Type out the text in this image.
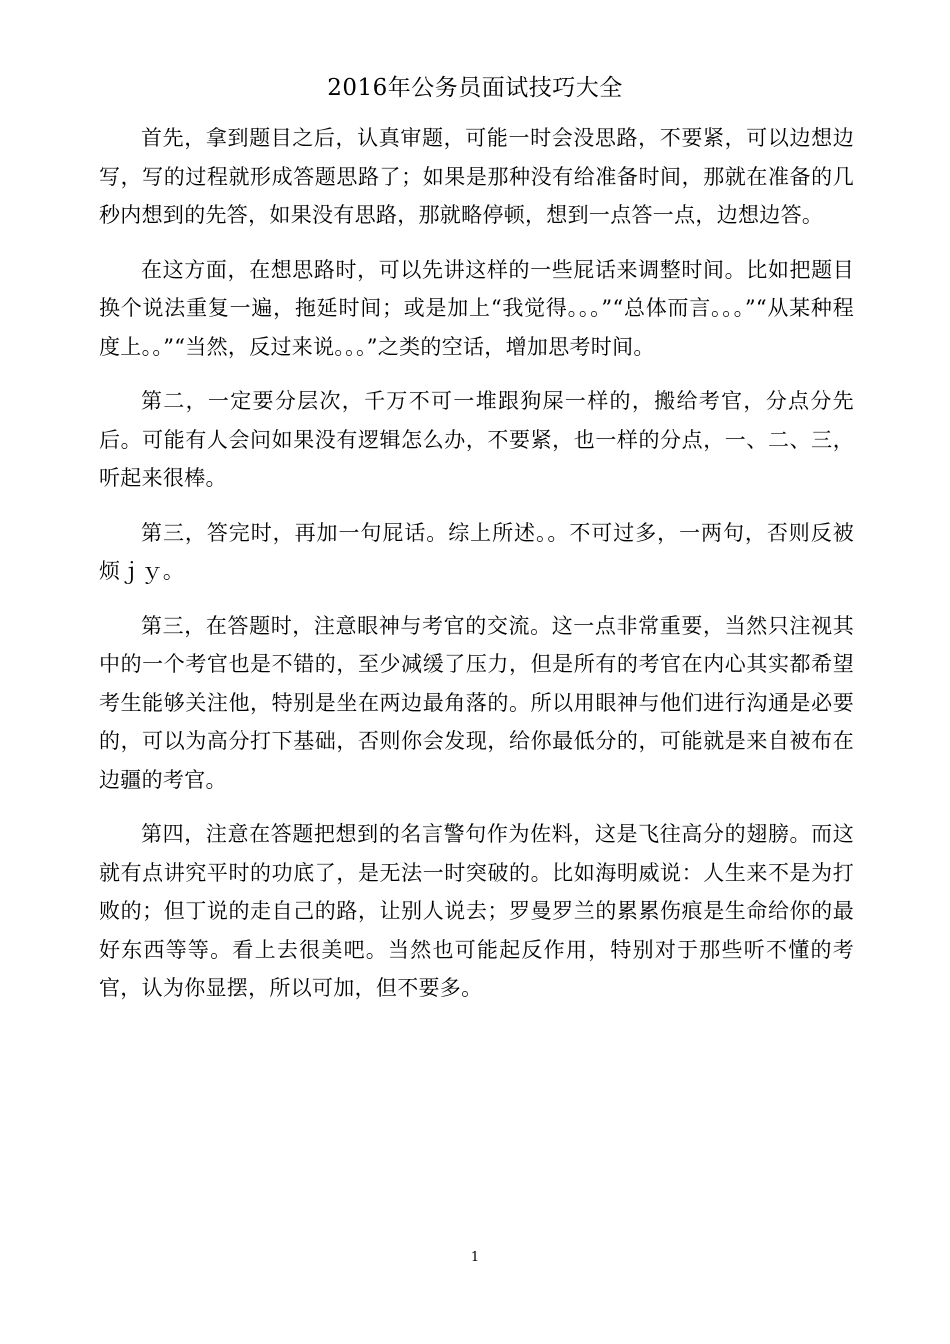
2016年公务员面试技巧大全

首先，拿到题目之后，认真审题，可能一时会没思路，不要紧，可以边想边写，写的过程就形成答题思路了；如果是那种没有给准备时间，那就在准备的几秒内想到的先答，如果没有思路，那就略停顿，想到一点答一点，边想边答。

在这方面，在想思路时，可以先讲这样的一些屁话来调整时间。比如把题目换个说法重复一遍，拖延时间；或是加上“我觉得。。。”“总体而言。。。”“从某种程度上。。”“当然，反过来说。。。”之类的空话，增加思考时间。

第二，一定要分层次，千万不可一堆跟狗屎一样的，搬给考官，分点分先后。可能有人会问如果没有逻辑怎么办，不要紧，也一样的分点，一、二、三，听起来很棒。

第三，答完时，再加一句屁话。综上所述。。不可过多，一两句，否则反被烦ｊｙ。

第三，在答题时，注意眼神与考官的交流。这一点非常重要，当然只注视其中的一个考官也是不错的，至少减缓了压力，但是所有的考官在内心其实都希望考生能够关注他，特别是坐在两边最角落的。所以用眼神与他们进行沟通是必要的，可以为高分打下基础，否则你会发现，给你最低分的，可能就是来自被布在边疆的考官。

第四，注意在答题把想到的名言警句作为佐料，这是飞往高分的翅膀。而这就有点讲究平时的功底了，是无法一时突破的。比如海明威说：人生来不是为打败的；但丁说的走自己的路，让别人说去；罗曼罗兰的累累伤痕是生命给你的最好东西等等。看上去很美吧。当然也可能起反作用，特别对于那些听不懂的考官，认为你显摆，所以可加，但不要多。

1
